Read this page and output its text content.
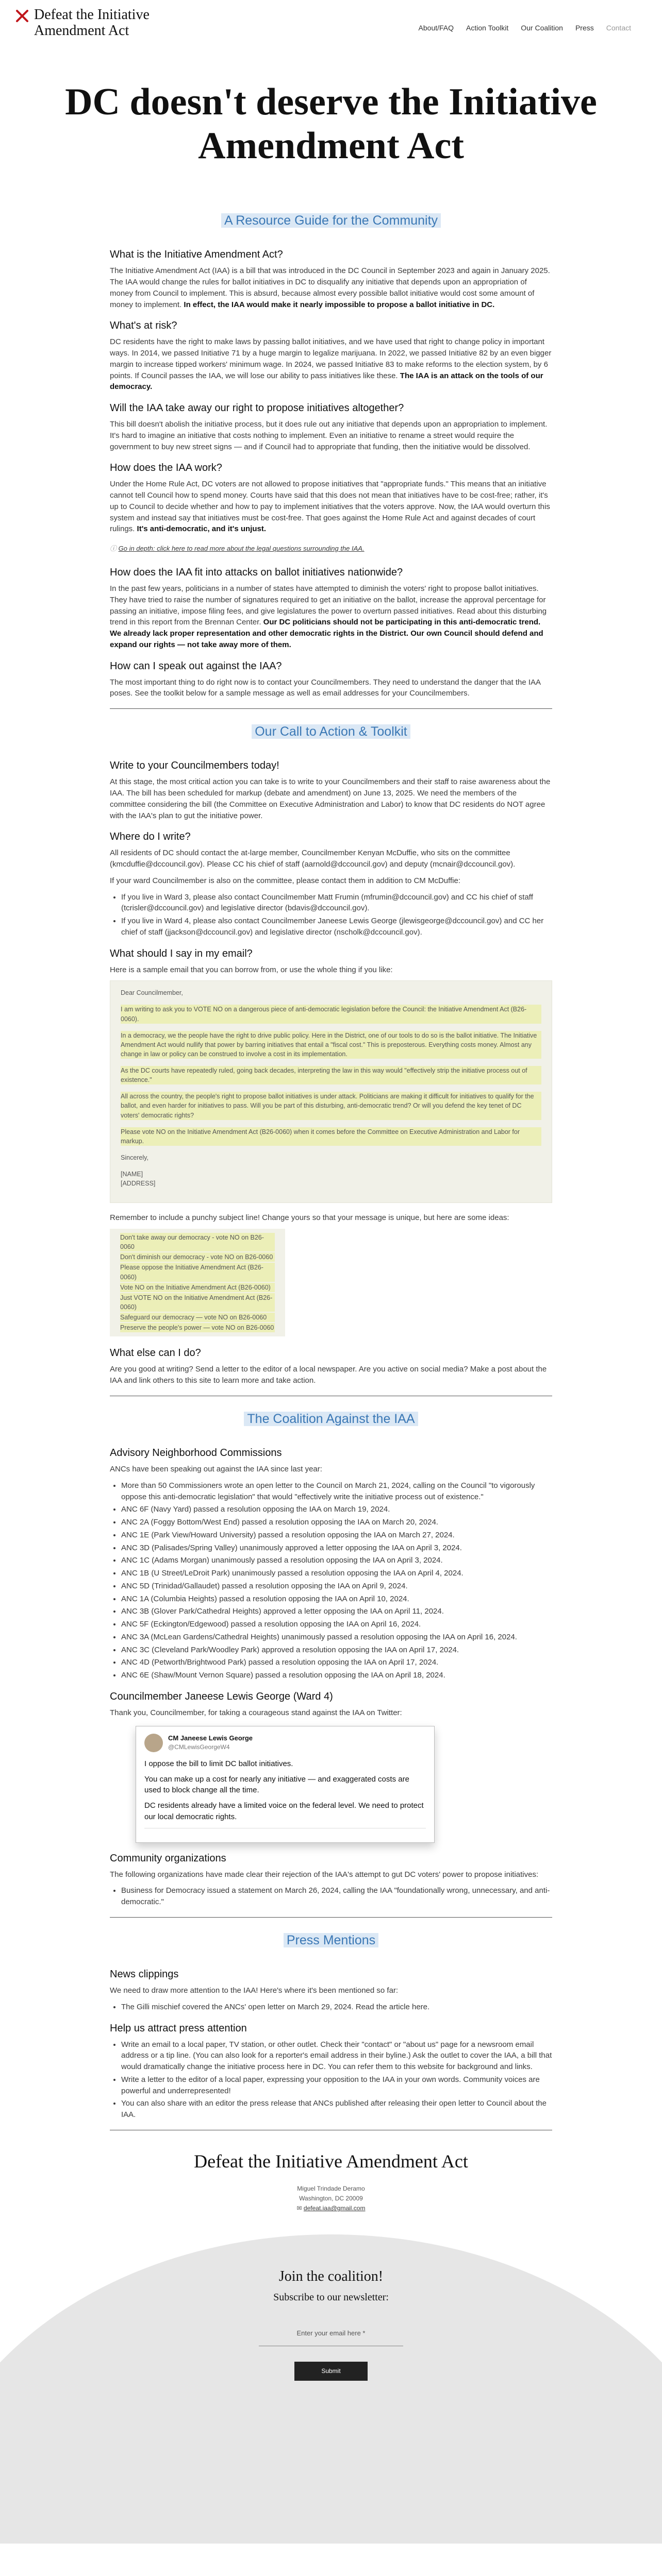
Defeat the Initiative Amendment Act	About/FAQ Action Toolkit Our Coalition Press Contact
DC doesn't deserve the Initiative Amendment Act
A Resource Guide for the Community
What is the Initiative Amendment Act?

The Initiative Amendment Act (IAA) is a bill that was introduced in the DC Council in September 2023 and again in January 2025. The IAA would change the rules for ballot initiatives in DC to disqualify any initiative that depends upon an appropriation of money from Council to implement. This is absurd, because almost every possible ballot initiative would cost some amount of money to implement. In effect, the IAA would make it nearly impossible to propose a ballot initiative in DC.

What's at risk?

DC residents have the right to make laws by passing ballot initiatives, and we have used that right to change policy in important ways. In 2014, we passed Initiative 71 by a huge margin to legalize marijuana. In 2022, we passed Initiative 82 by an even bigger margin to increase tipped workers' minimum wage. In 2024, we passed Initiative 83 to make reforms to the election system, by 6 points. If Council passes the IAA, we will lose our ability to pass initiatives like these. The IAA is an attack on the tools of our democracy.

Will the IAA take away our right to propose initiatives altogether?

This bill doesn't abolish the initiative process, but it does rule out any initiative that depends upon an appropriation to implement. It's hard to imagine an initiative that costs nothing to implement. Even an initiative to rename a street would require the government to buy new street signs — and if Council had to appropriate that funding, then the initiative would be dissolved.

How does the IAA work?

Under the Home Rule Act, DC voters are not allowed to propose initiatives that "appropriate funds." This means that an initiative cannot tell Council how to spend money. Courts have said that this does not mean that initiatives have to be cost-free; rather, it's up to Council to decide whether and how to pay to implement initiatives that the voters approve. Now, the IAA would overturn this system and instead say that initiatives must be cost-free. That goes against the Home Rule Act and against decades of court rulings. It's anti-democratic, and it's unjust.

ⓘ Go in depth: click here to read more about the legal questions surrounding the IAA.
How does the IAA fit into attacks on ballot initiatives nationwide?

In the past few years, politicians in a number of states have attempted to diminish the voters' right to propose ballot initiatives. They have tried to raise the number of signatures required to get an initiative on the ballot, increase the approval percentage for passing an initiative, impose filing fees, and give legislatures the power to overturn passed initiatives. Read about this disturbing trend in this report from the Brennan Center. Our DC politicians should not be participating in this anti-democratic trend. We already lack proper representation and other democratic rights in the District. Our own Council should defend and expand our rights — not take away more of them.

How can I speak out against the IAA?

The most important thing to do right now is to contact your Councilmembers. They need to understand the danger that the IAA poses. See the toolkit below for a sample message as well as email addresses for your Councilmembers.

Our Call to Action & Toolkit
Write to your Councilmembers today!

At this stage, the most critical action you can take is to write to your Councilmembers and their staff to raise awareness about the IAA. The bill has been scheduled for markup (debate and amendment) on June 13, 2025. We need the members of the committee considering the bill (the Committee on Executive Administration and Labor) to know that DC residents do NOT agree with the IAA's plan to gut the initiative power.

Where do I write?

All residents of DC should contact the at-large member, Councilmember Kenyan McDuffie, who sits on the committee (kmcduffie@dccouncil.gov). Please CC his chief of staff (aarnold@dccouncil.gov) and deputy (mcnair@dccouncil.gov).

If your ward Councilmember is also on the committee, please contact them in addition to CM McDuffie:

• If you live in Ward 3, please also contact Councilmember Matt Frumin (mfrumin@dccouncil.gov) and CC his chief of staff (tcrisler@dccouncil.gov) and legislative director (bdavis@dccouncil.gov).
• If you live in Ward 4, please also contact Councilmember Janeese Lewis George (jlewisgeorge@dccouncil.gov) and CC her chief of staff (jjackson@dccouncil.gov) and legislative director (nscholk@dccouncil.gov).
What should I say in my email?

Here is a sample email that you can borrow from, or use the whole thing if you like:

Dear Councilmember,

I am writing to ask you to VOTE NO on a dangerous piece of anti-democratic legislation before the Council: the Initiative Amendment Act (B26-0060).

In a democracy, we the people have the right to drive public policy. Here in the District, one of our tools to do so is the ballot initiative. The Initiative Amendment Act would nullify that power by barring initiatives that entail a "fiscal cost." This is preposterous. Everything costs money. Almost any change in law or policy can be construed to involve a cost in its implementation.

As the DC courts have repeatedly ruled, going back decades, interpreting the law in this way would "effectively strip the initiative process out of existence."

All across the country, the people's right to propose ballot initiatives is under attack. Politicians are making it difficult for initiatives to qualify for the ballot, and even harder for initiatives to pass. Will you be part of this disturbing, anti-democratic trend? Or will you defend the key tenet of DC voters' democratic rights?

Please vote NO on the Initiative Amendment Act (B26-0060) when it comes before the Committee on Executive Administration and Labor for markup.

Sincerely,

[NAME]
[ADDRESS]

Remember to include a punchy subject line! Change yours so that your message is unique, but here are some ideas:

Don't take away our democracy - vote NO on B26-0060
Don't diminish our democracy - vote NO on B26-0060
Please oppose the Initiative Amendment Act (B26-0060)
Vote NO on the Initiative Amendment Act (B26-0060)
Just VOTE NO on the Initiative Amendment Act (B26-0060)
Safeguard our democracy — vote NO on B26-0060
Preserve the people's power — vote NO on B26-0060
What else can I do?

Are you good at writing? Send a letter to the editor of a local newspaper. Are you active on social media? Make a post about the IAA and link others to this site to learn more and take action.

The Coalition Against the IAA
Advisory Neighborhood Commissions

ANCs have been speaking out against the IAA since last year:

• More than 50 Commissioners wrote an open letter to the Council on March 21, 2024, calling on the Council "to vigorously oppose this anti-democratic legislation" that would "effectively write the initiative process out of existence."
• ANC 6F (Navy Yard) passed a resolution opposing the IAA on March 19, 2024.
• ANC 2A (Foggy Bottom/West End) passed a resolution opposing the IAA on March 20, 2024.
• ANC 1E (Park View/Howard University) passed a resolution opposing the IAA on March 27, 2024.
• ANC 3D (Palisades/Spring Valley) unanimously approved a letter opposing the IAA on April 3, 2024.
• ANC 1C (Adams Morgan) unanimously passed a resolution opposing the IAA on April 3, 2024.
• ANC 1B (U Street/LeDroit Park) unanimously passed a resolution opposing the IAA on April 4, 2024.
• ANC 5D (Trinidad/Gallaudet) passed a resolution opposing the IAA on April 9, 2024.
• ANC 1A (Columbia Heights) passed a resolution opposing the IAA on April 10, 2024.
• ANC 3B (Glover Park/Cathedral Heights) approved a letter opposing the IAA on April 11, 2024.
• ANC 5F (Eckington/Edgewood) passed a resolution opposing the IAA on April 16, 2024.
• ANC 3A (McLean Gardens/Cathedral Heights) unanimously passed a resolution opposing the IAA on April 16, 2024.
• ANC 3C (Cleveland Park/Woodley Park) approved a resolution opposing the IAA on April 17, 2024.
• ANC 4D (Petworth/Brightwood Park) passed a resolution opposing the IAA on April 17, 2024.
• ANC 6E (Shaw/Mount Vernon Square) passed a resolution opposing the IAA on April 18, 2024.
Councilmember Janeese Lewis George (Ward 4)

Thank you, Councilmember, for taking a courageous stand against the IAA on Twitter:

CM Janeese Lewis George
@CMLewisGeorgeW4

I oppose the bill to limit DC ballot initiatives.

You can make up a cost for nearly any initiative — and exaggerated costs are used to block change all the time.

DC residents already have a limited voice on the federal level. We need to protect our local democratic rights.

Community organizations

The following organizations have made clear their rejection of the IAA's attempt to gut DC voters' power to propose initiatives:

• Business for Democracy issued a statement on March 26, 2024, calling the IAA "foundationally wrong, unnecessary, and anti-democratic."
Press Mentions
News clippings

We need to draw more attention to the IAA! Here's where it's been mentioned so far:

• The Gilli mischief covered the ANCs' open letter on March 29, 2024. Read the article here.
Help us attract press attention
• Write an email to a local paper, TV station, or other outlet. Check their "contact" or "about us" page for a newsroom email address or a tip line. (You can also look for a reporter's email address in their byline.) Ask the outlet to cover the IAA, a bill that would dramatically change the initiative process here in DC. You can refer them to this website for background and links.
• Write a letter to the editor of a local paper, expressing your opposition to the IAA in your own words. Community voices are powerful and underrepresented!
• You can also share with an editor the press release that ANCs published after releasing their open letter to Council about the IAA.
Defeat the Initiative Amendment Act
Miguel Trindade Deramo
Washington, DC 20009
✉ defeat.iaa@gmail.com
Join the coalition!
Subscribe to our newsletter:
Enter your email here *
Submit
